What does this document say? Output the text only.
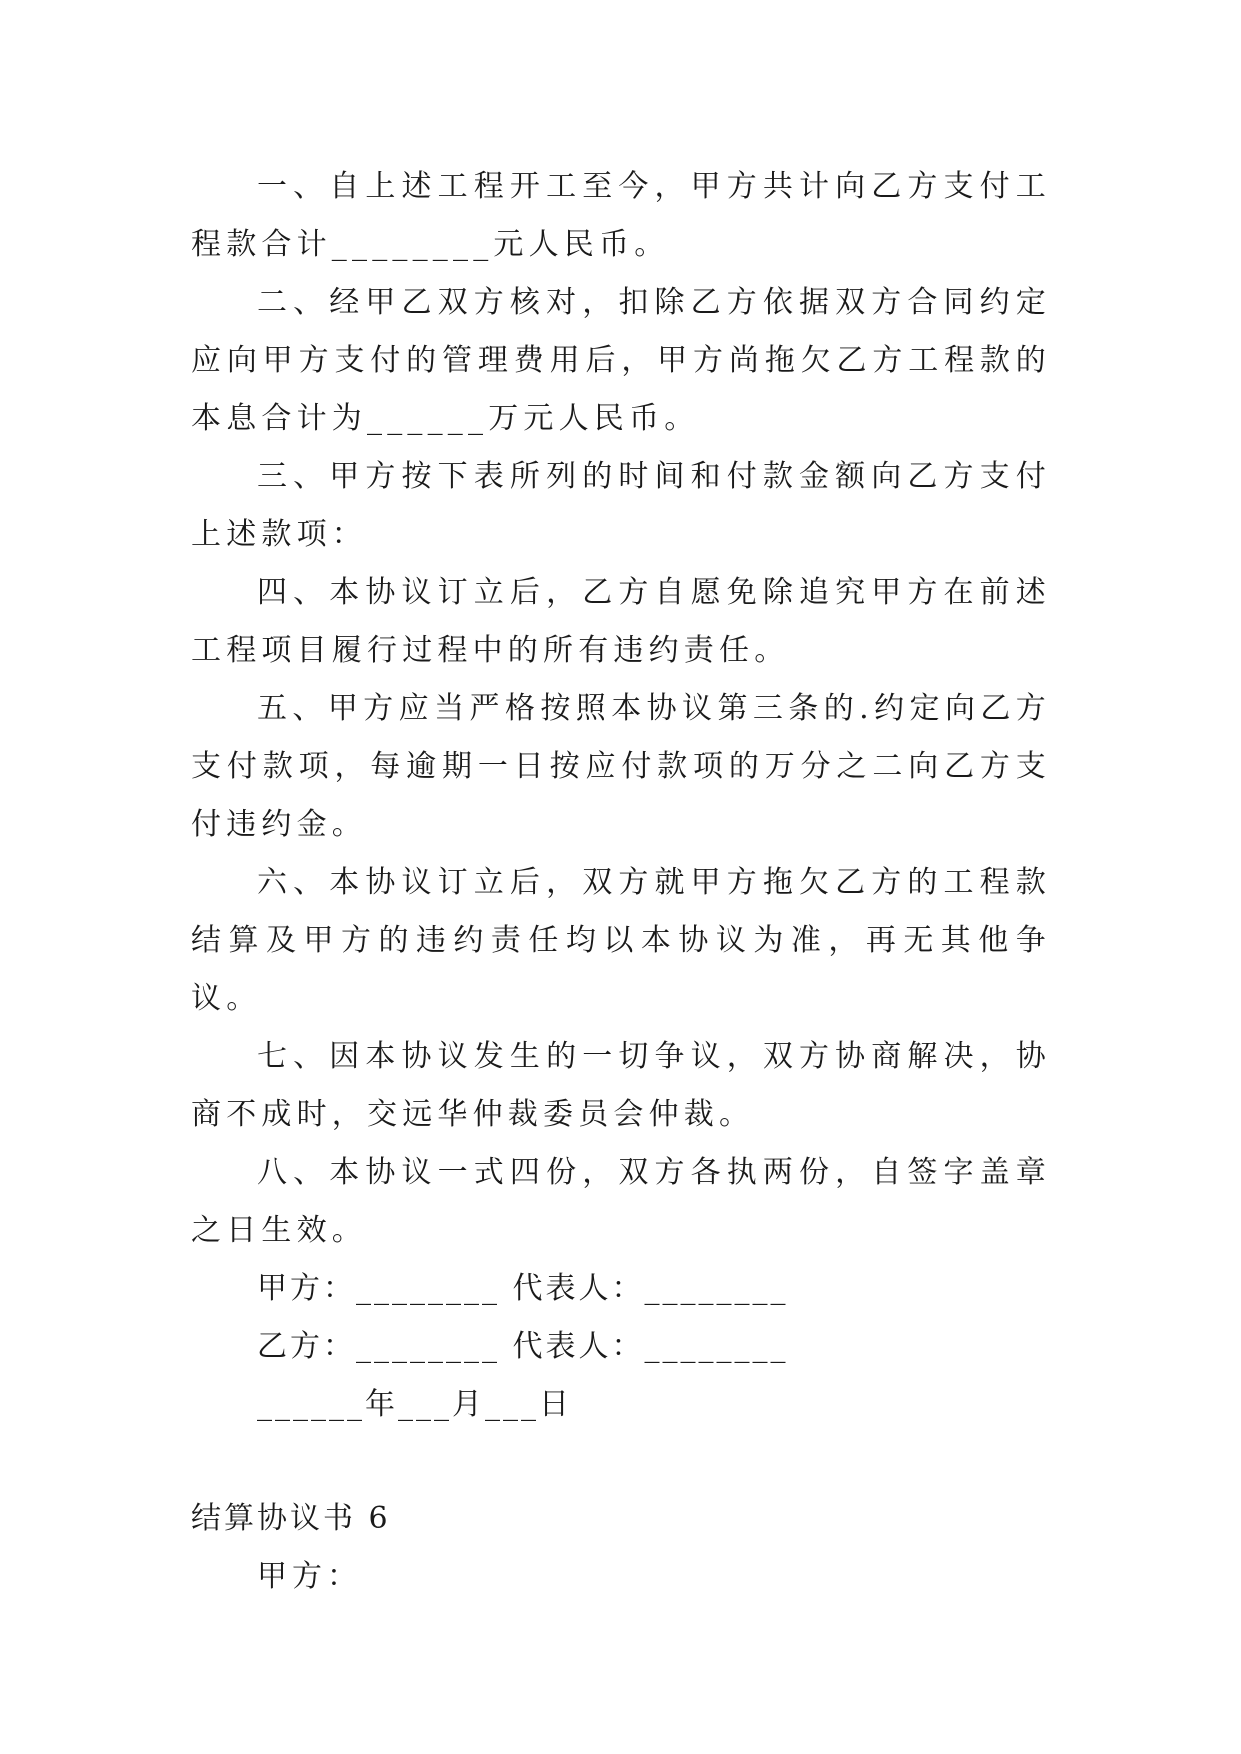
一、自上述工程开工至今，甲方共计向乙方支付工程款合计________元人民币。

二、经甲乙双方核对，扣除乙方依据双方合同约定应向甲方支付的管理费用后，甲方尚拖欠乙方工程款的本息合计为______万元人民币。

三、甲方按下表所列的时间和付款金额向乙方支付上述款项：

四、本协议订立后，乙方自愿免除追究甲方在前述工程项目履行过程中的所有违约责任。

五、甲方应当严格按照本协议第三条的.约定向乙方支付款项，每逾期一日按应付款项的万分之二向乙方支付违约金。

六、本协议订立后，双方就甲方拖欠乙方的工程款结算及甲方的违约责任均以本协议为准，再无其他争议。

七、因本协议发生的一切争议，双方协商解决，协商不成时，交远华仲裁委员会仲裁。

八、本协议一式四份，双方各执两份，自签字盖章之日生效。

甲方：________ 代表人：________

乙方：________ 代表人：________

______年___月___日

结算协议书 6

甲方：
